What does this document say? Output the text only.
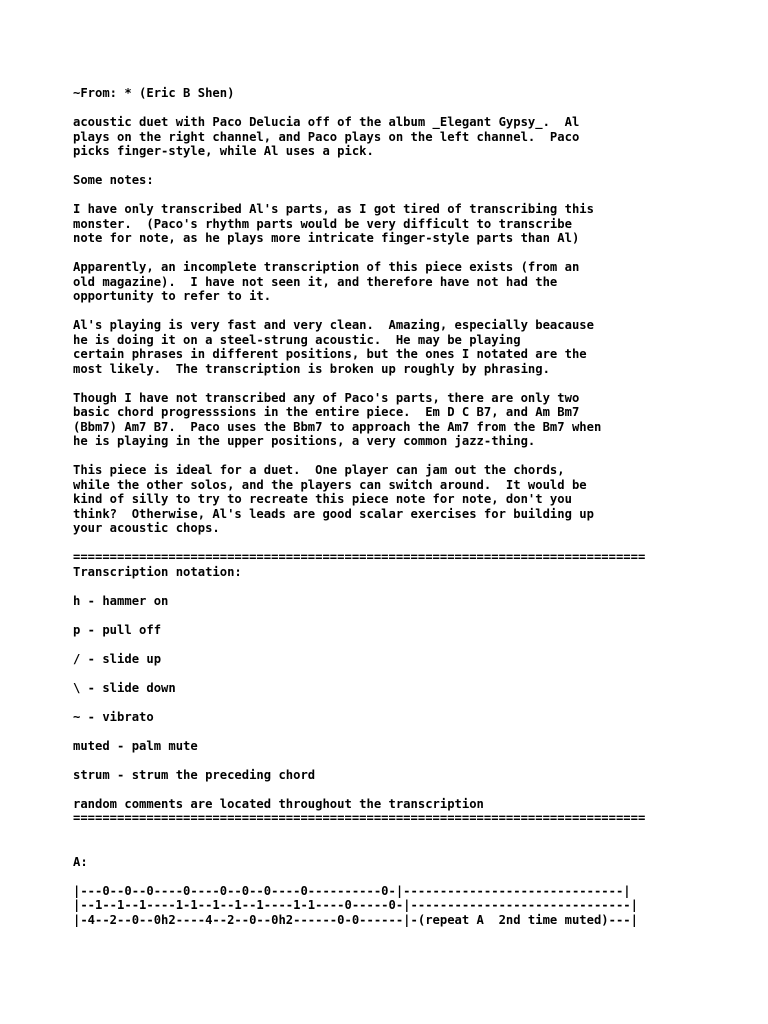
~From: * (Eric B Shen)
acoustic duet with Paco Delucia off of the album _Elegant Gypsy_.  Al
plays on the right channel, and Paco plays on the left channel.  Paco
picks finger-style, while Al uses a pick.
Some notes:
I have only transcribed Al's parts, as I got tired of transcribing this
monster.  (Paco's rhythm parts would be very difficult to transcribe
note for note, as he plays more intricate finger-style parts than Al)
Apparently, an incomplete transcription of this piece exists (from an
old magazine).  I have not seen it, and therefore have not had the
opportunity to refer to it.
Al's playing is very fast and very clean.  Amazing, especially beacause
he is doing it on a steel-strung acoustic.  He may be playing
certain phrases in different positions, but the ones I notated are the
most likely.  The transcription is broken up roughly by phrasing.
Though I have not transcribed any of Paco's parts, there are only two
basic chord progresssions in the entire piece.  Em D C B7, and Am Bm7
(Bbm7) Am7 B7.  Paco uses the Bbm7 to approach the Am7 from the Bm7 when
he is playing in the upper positions, a very common jazz-thing.
This piece is ideal for a duet.  One player can jam out the chords,
while the other solos, and the players can switch around.  It would be
kind of silly to try to recreate this piece note for note, don't you
think?  Otherwise, Al's leads are good scalar exercises for building up
your acoustic chops.
==============================================================================
Transcription notation:
h - hammer on
p - pull off
/ - slide up
\ - slide down
~ - vibrato
muted - palm mute
strum - strum the preceding chord
random comments are located throughout the transcription
==============================================================================
A:
|---0--0--0----0----0--0--0----0----------0-|------------------------------|
|--1--1--1----1-1--1--1--1----1-1----0-----0-|------------------------------|
|-4--2--0--0h2----4--2--0--0h2------0-0------|-(repeat A  2nd time muted)---|
